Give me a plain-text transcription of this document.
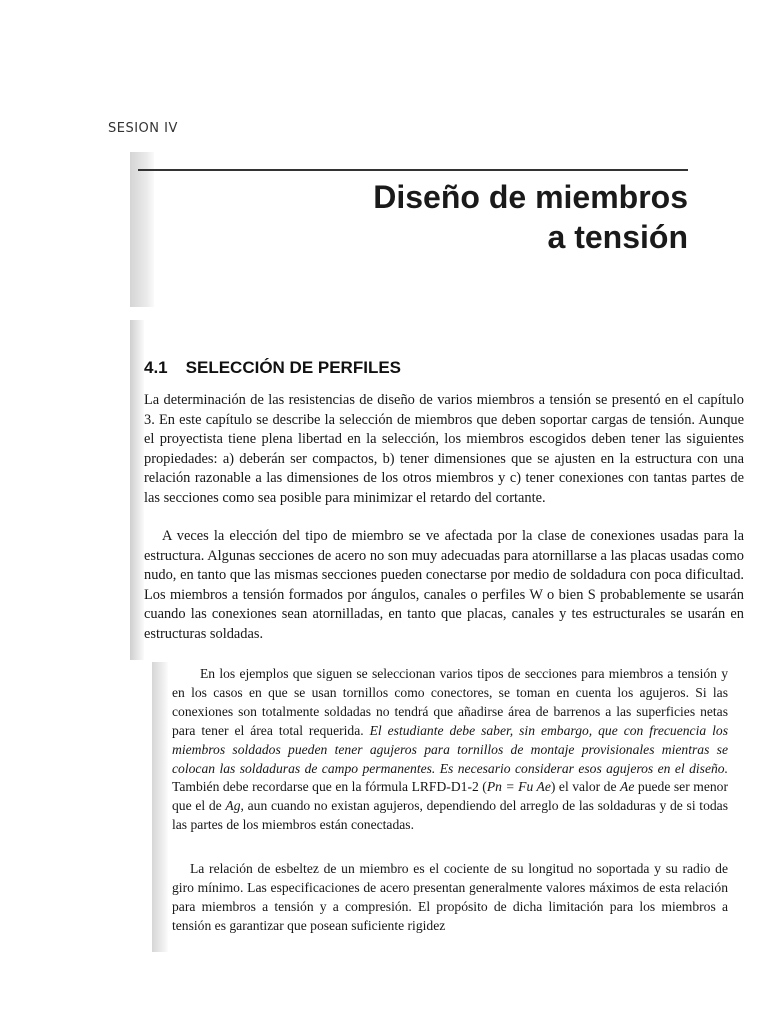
SESION IV
Diseño de miembros
a tensión
4.1 SELECCIÓN DE PERFILES
La determinación de las resistencias de diseño de varios miembros a tensión se presentó en el capítulo 3. En este capítulo se describe la selección de miembros que deben soportar cargas de tensión. Aunque el proyectista tiene plena libertad en la selección, los miembros escogidos deben tener las siguientes propiedades: a) deberán ser compactos, b) tener dimensiones que se ajusten en la estructura con una relación razonable a las dimensiones de los otros miembros y c) tener conexiones con tantas partes de las secciones como sea posible para minimizar el retardo del cortante.
A veces la elección del tipo de miembro se ve afectada por la clase de conexiones usadas para la estructura. Algunas secciones de acero no son muy adecuadas para atornillarse a las placas usadas como nudo, en tanto que las mismas secciones pueden conectarse por medio de soldadura con poca dificultad. Los miembros a tensión formados por ángulos, canales o perfiles W o bien S probablemente se usarán cuando las conexiones sean atornilladas, en tanto que placas, canales y tes estructurales se usarán en estructuras soldadas.
En los ejemplos que siguen se seleccionan varios tipos de secciones para miembros a tensión y en los casos en que se usan tornillos como conectores, se toman en cuenta los agujeros. Si las conexiones son totalmente soldadas no tendrá que añadirse área de barrenos a las superficies netas para tener el área total requerida. El estudiante debe saber, sin embargo, que con frecuencia los miembros soldados pueden tener agujeros para tornillos de montaje provisionales mientras se colocan las soldaduras de campo permanentes. Es necesario considerar esos agujeros en el diseño. También debe recordarse que en la fórmula LRFD-D1-2 (Pn = Fu Ae) el valor de Ae puede ser menor que el de Ag, aun cuando no existan agujeros, dependiendo del arreglo de las soldaduras y de si todas las partes de los miembros están conectadas.
La relación de esbeltez de un miembro es el cociente de su longitud no soportada y su radio de giro mínimo. Las especificaciones de acero presentan generalmente valores máximos de esta relación para miembros a tensión y a compresión. El propósito de dicha limitación para los miembros a tensión es garantizar que posean suficiente rigidez
